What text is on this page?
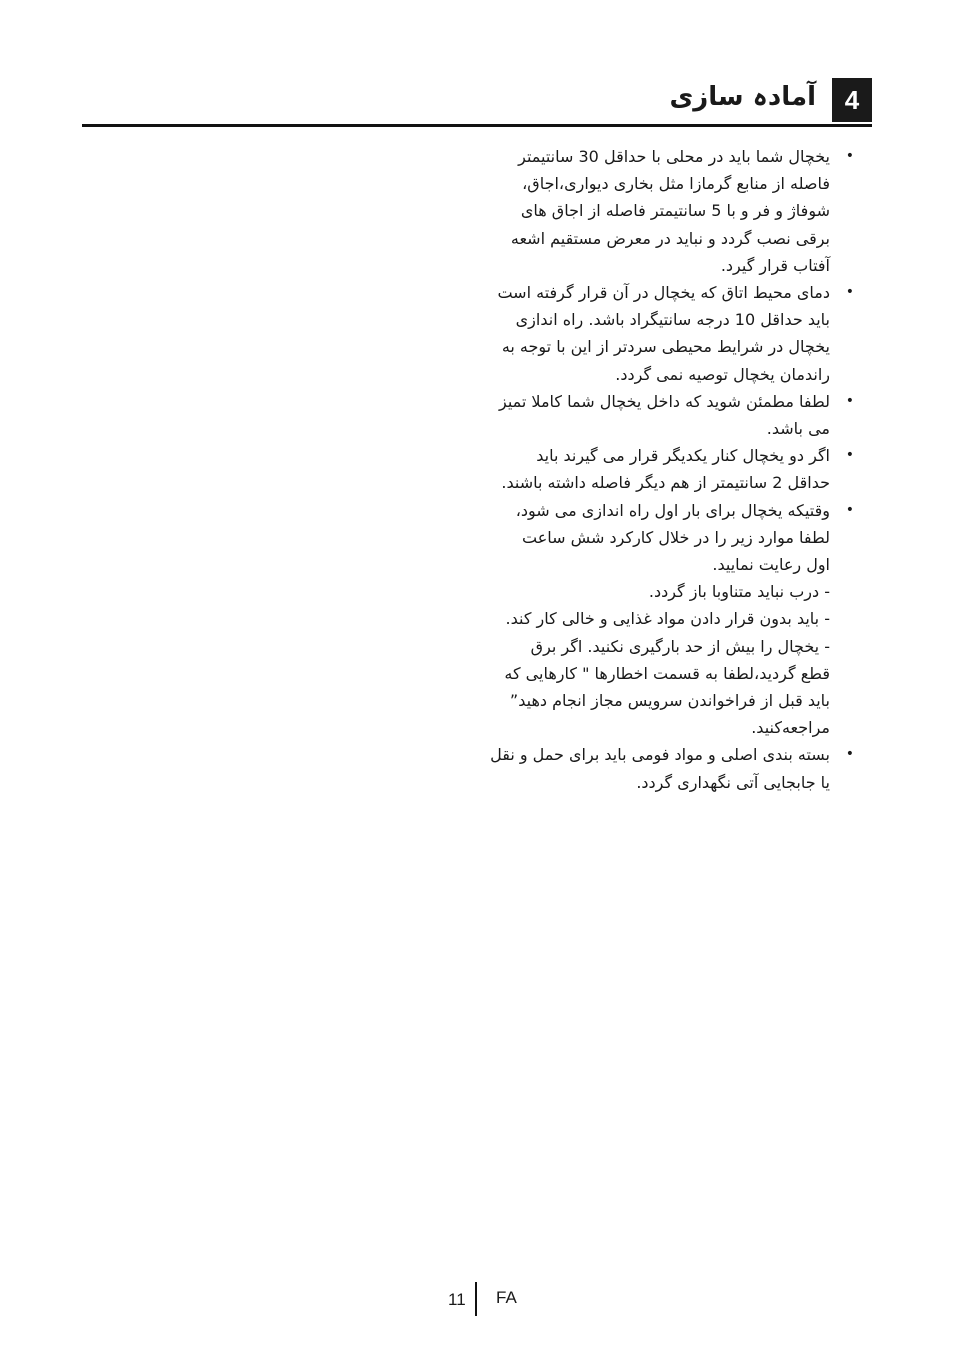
4
آمادہ سازی
• یخچال شما باید در محلی با حداقل 30 سانتیمتر
فاصله از منابع گرمازا مثل بخاری دیواری،اجاق،
شوفاژ و فر و با 5 سانتیمتر فاصله از اجاق های
برقی نصب گردد و نباید در معرض مستقیم اشعه
آفتاب قرار گیرد.
• دمای محیط اتاق که یخچال در آن قرار گرفته است
باید حداقل 10 درجه سانتیگراد باشد. راه اندازی
یخچال در شرایط محیطی سردتر از این با توجه به
راندمان یخچال توصیه نمی گردد.
• لطفا مطمئن شوید که داخل یخچال شما کاملا تمیز
می باشد.
• اگر دو یخچال کنار یکدیگر قرار می گیرند باید
حداقل 2 سانتیمتر از هم دیگر فاصله داشته باشند.
• وقتیکه یخچال برای بار اول راه اندازی می شود،
لطفا موارد زیر را در خلال کارکرد شش ساعت
اول رعایت نمایید.
- درب نباید متناوبا باز گردد.
- باید بدون قرار دادن مواد غذایی و خالی کار کند.
- یخچال را بیش از حد بارگیری نکنید. اگر برق
قطع گردید،لطفا به قسمت اخطارها " کارهایی که
باید قبل از فراخواندن سرویس مجاز انجام دهید”
مراجعه‌کنید.
• بسته بندی اصلی و مواد فومی باید برای حمل و نقل
یا جابجایی آتی نگهداری گردد.
11 FA
